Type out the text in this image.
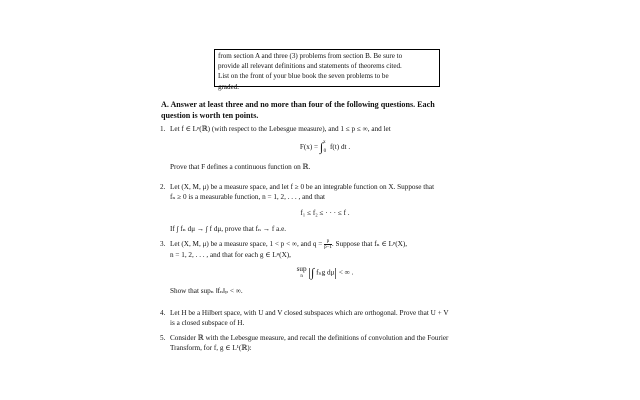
from section A and three (3) problems from section B. Be sure to
provide all relevant definitions and statements of theorems cited.
List on the front of your blue book the seven problems to be
graded.
A. Answer at least three and no more than four of the following questions. Each
question is worth ten points.
1. Let f ∈ Lᵖ(ℝ) (with respect to the Lebesgue measure), and 1 ≤ p ≤ ∞, and let
F(x) = ∫$^x_0$ f(t) dt .
Prove that F defines a continuous function on ℝ.
2. Let (X, M, μ) be a measure space, and let f ≥ 0 be an integrable function on X. Suppose that
fₙ ≥ 0 is a measurable function, n = 1, 2, . . . , and that
f₁ ≤ f₂ ≤ · · · ≤ f .
If ∫ fₙ dμ → ∫ f dμ, prove that fₙ → f a.e.
3. Let (X, M, μ) be a measure space, 1 < p < ∞, and $q = \frac{p}{p-1}$ . Suppose that fₙ ∈ Lᵖ(X),
n = 1, 2, . . . , and that for each g ∈ Lᵠ(X),
sup
n |∫ fₙg dμ| < ∞ .
Show that supₙ ‖fₙ‖ₚ < ∞.
4. Let H be a Hilbert space, with U and V closed subspaces which are orthogonal. Prove that U + V
is a closed subspace of H.
5. Consider ℝ with the Lebesgue measure, and recall the definitions of convolution and the Fourier
Transform, for f, g ∈ L¹(ℝ):
